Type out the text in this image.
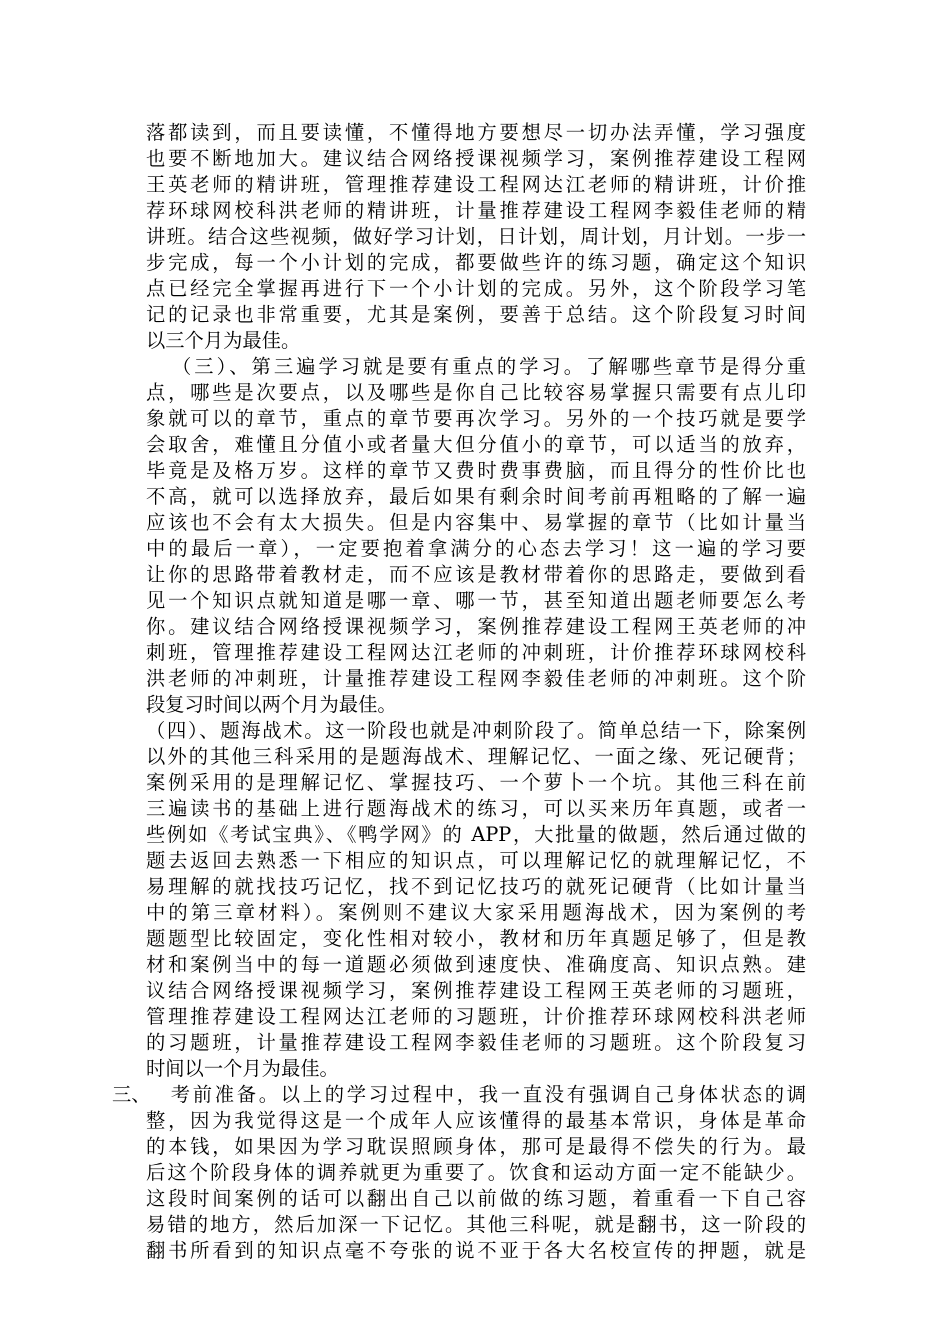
落都读到，而且要读懂，不懂得地方要想尽一切办法弄懂，学习强度
也要不断地加大。建议结合网络授课视频学习，案例推荐建设工程网
王英老师的精讲班，管理推荐建设工程网达江老师的精讲班，计价推
荐环球网校科洪老师的精讲班，计量推荐建设工程网李毅佳老师的精
讲班。结合这些视频，做好学习计划，日计划，周计划，月计划。一步一
步完成，每一个小计划的完成，都要做些许的练习题，确定这个知识
点已经完全掌握再进行下一个小计划的完成。另外，这个阶段学习笔
记的记录也非常重要，尤其是案例，要善于总结。这个阶段复习时间
以三个月为最佳。
（三）、第三遍学习就是要有重点的学习。了解哪些章节是得分重
点，哪些是次要点，以及哪些是你自己比较容易掌握只需要有点儿印
象就可以的章节，重点的章节要再次学习。另外的一个技巧就是要学
会取舍，难懂且分值小或者量大但分值小的章节，可以适当的放弃，
毕竟是及格万岁。这样的章节又费时费事费脑，而且得分的性价比也
不高，就可以选择放弃，最后如果有剩余时间考前再粗略的了解一遍
应该也不会有太大损失。但是内容集中、易掌握的章节（比如计量当
中的最后一章），一定要抱着拿满分的心态去学习！这一遍的学习要
让你的思路带着教材走，而不应该是教材带着你的思路走，要做到看
见一个知识点就知道是哪一章、哪一节，甚至知道出题老师要怎么考
你。建议结合网络授课视频学习，案例推荐建设工程网王英老师的冲
刺班，管理推荐建设工程网达江老师的冲刺班，计价推荐环球网校科
洪老师的冲刺班，计量推荐建设工程网李毅佳老师的冲刺班。这个阶
段复习时间以两个月为最佳。
（四）、题海战术。这一阶段也就是冲刺阶段了。简单总结一下，除案例
以外的其他三科采用的是题海战术、理解记忆、一面之缘、死记硬背；
案例采用的是理解记忆、掌握技巧、一个萝卜一个坑。其他三科在前
三遍读书的基础上进行题海战术的练习，可以买来历年真题，或者一
些例如《考试宝典》、《鸭学网》的 APP，大批量的做题，然后通过做的
题去返回去熟悉一下相应的知识点，可以理解记忆的就理解记忆，不
易理解的就找技巧记忆，找不到记忆技巧的就死记硬背（比如计量当
中的第三章材料）。案例则不建议大家采用题海战术，因为案例的考
题题型比较固定，变化性相对较小，教材和历年真题足够了，但是教
材和案例当中的每一道题必须做到速度快、准确度高、知识点熟。建
议结合网络授课视频学习，案例推荐建设工程网王英老师的习题班，
管理推荐建设工程网达江老师的习题班，计价推荐环球网校科洪老师
的习题班，计量推荐建设工程网李毅佳老师的习题班。这个阶段复习
时间以一个月为最佳。
三、 考前准备。以上的学习过程中，我一直没有强调自己身体状态的调
整，因为我觉得这是一个成年人应该懂得的最基本常识，身体是革命
的本钱，如果因为学习耽误照顾身体，那可是最得不偿失的行为。最
后这个阶段身体的调养就更为重要了。饮食和运动方面一定不能缺少。
这段时间案例的话可以翻出自己以前做的练习题，着重看一下自己容
易错的地方，然后加深一下记忆。其他三科呢，就是翻书，这一阶段的
翻书所看到的知识点毫不夸张的说不亚于各大名校宣传的押题，就是
